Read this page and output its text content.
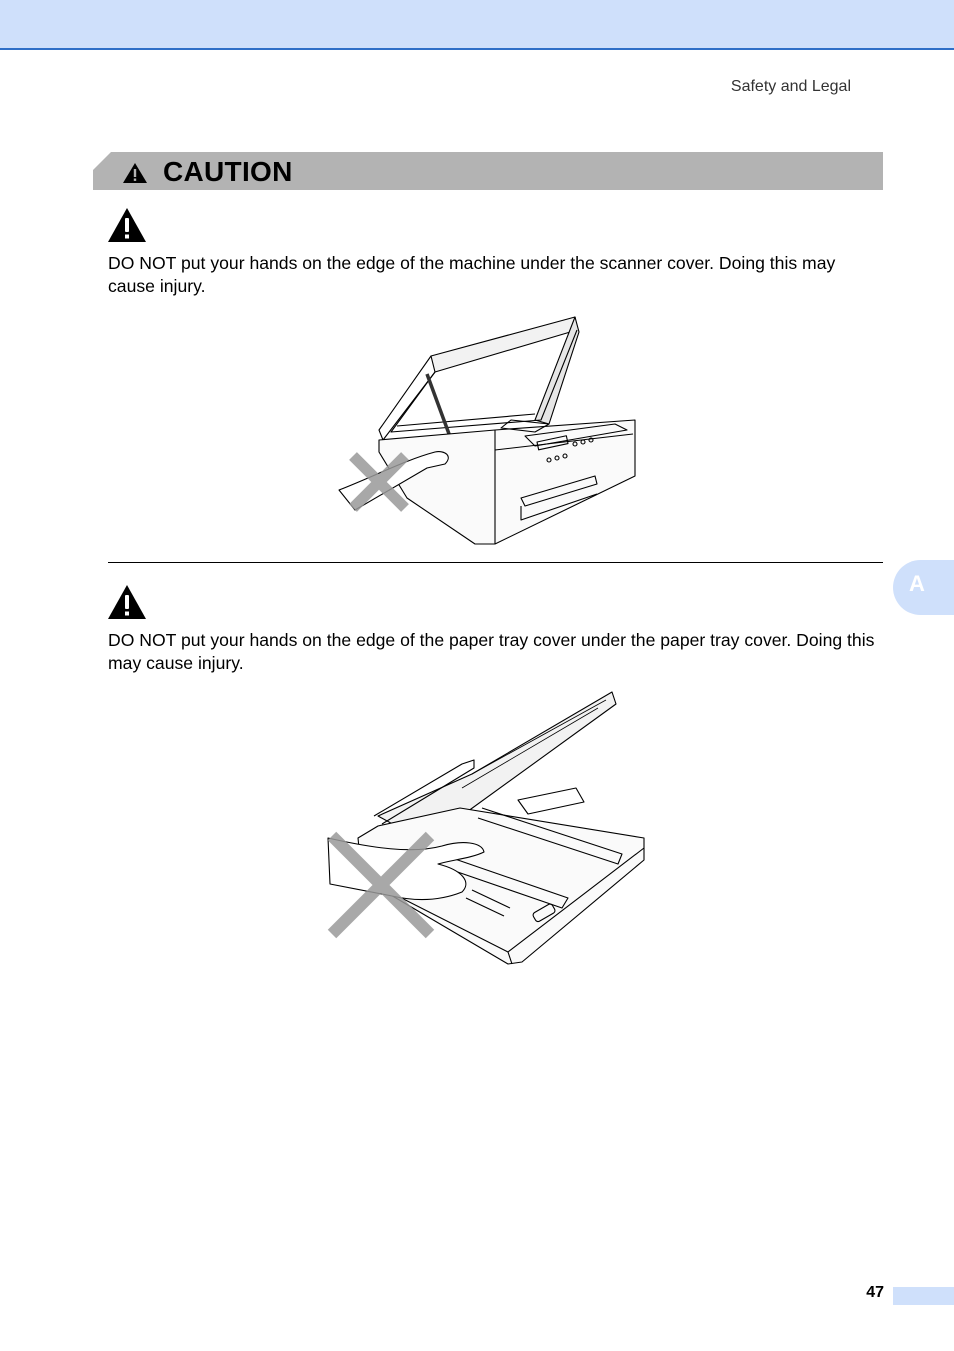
Safety and Legal
CAUTION
DO NOT put your hands on the edge of the machine under the scanner cover. Doing this may cause injury.
A
DO NOT put your hands on the edge of the paper tray cover under the paper tray cover. Doing this may cause injury.
47
